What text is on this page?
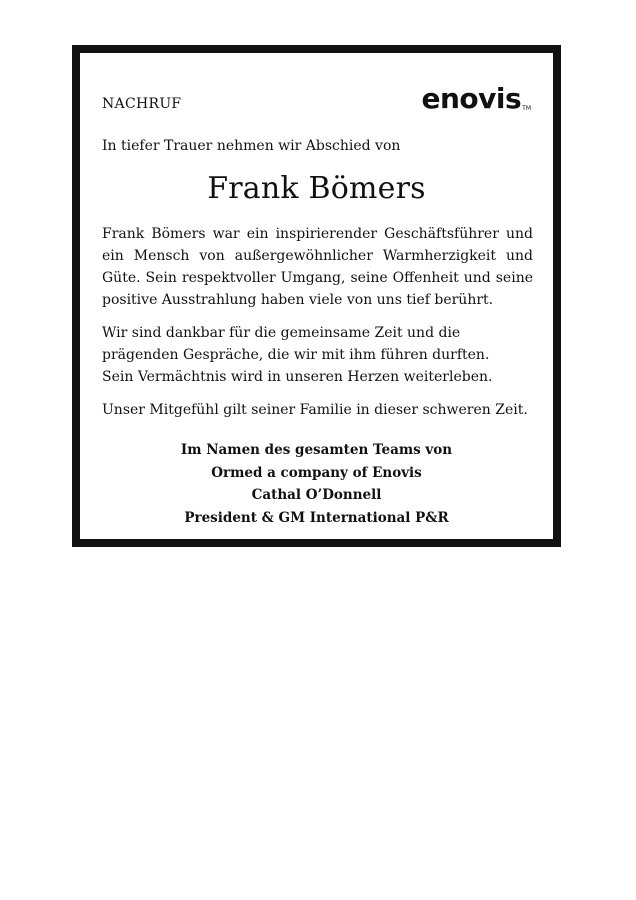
NACHRUF	enovis TM
In tiefer Trauer nehmen wir Abschied von
Frank Bömers

Frank Bömers war ein inspirierender Geschäftsführer und ein Mensch von außergewöhnlicher Warmherzigkeit und Güte. Sein respektvoller Umgang, seine Offenheit und seine positive Ausstrahlung haben viele von uns tief berührt.

Wir sind dankbar für die gemeinsame Zeit und die prägenden Gespräche, die wir mit ihm führen durften.
Sein Vermächtnis wird in unseren Herzen weiterleben.

Unser Mitgefühl gilt seiner Familie in dieser schweren Zeit.

Im Namen des gesamten Teams von
Ormed a company of Enovis
Cathal O’Donnell
President & GM International P&R
